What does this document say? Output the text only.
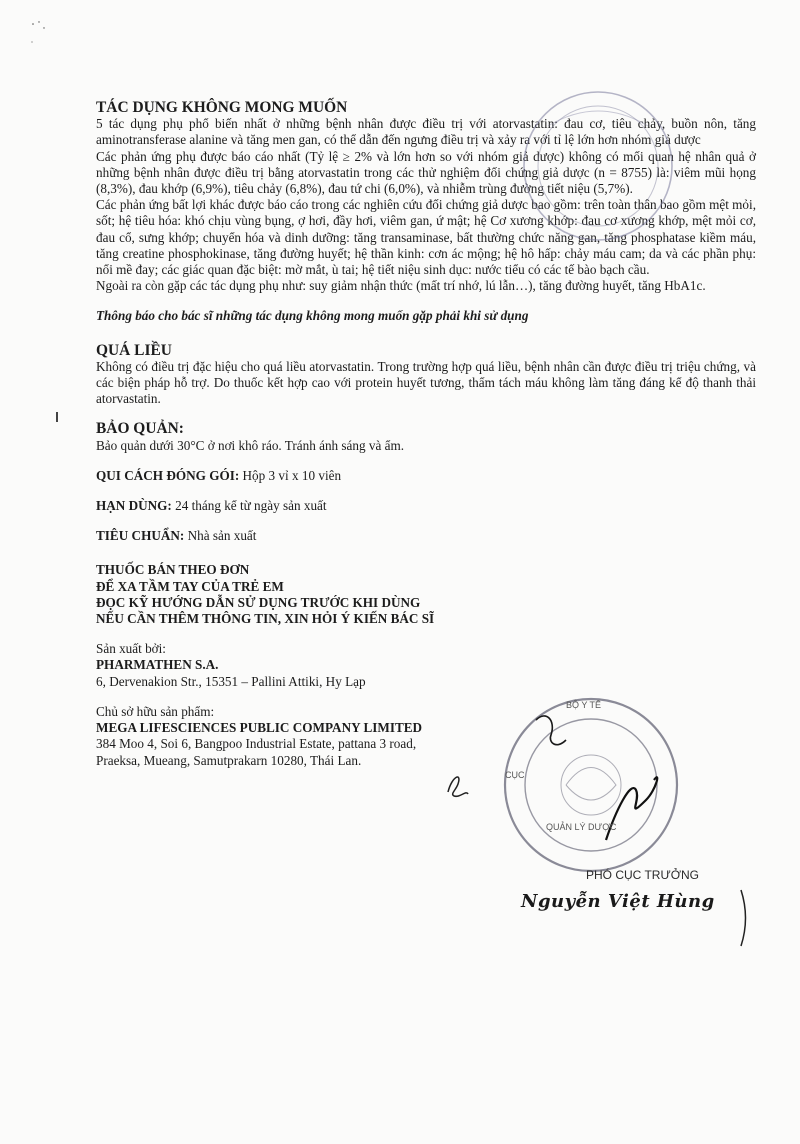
TÁC DỤNG KHÔNG MONG MUỐN

5 tác dụng phụ phổ biến nhất ở những bệnh nhân được điều trị với atorvastatin: đau cơ, tiêu chảy, buồn nôn, tăng aminotransferase alanine và tăng men gan, có thể dẫn đến ngưng điều trị và xảy ra với tỉ lệ lớn hơn nhóm giả dược

Các phản ứng phụ được báo cáo nhất (Tỷ lệ ≥ 2% và lớn hơn so với nhóm giả dược) không có mối quan hệ nhân quả ở những bệnh nhân được điều trị bằng atorvastatin trong các thử nghiệm đối chứng giả dược (n = 8755) là: viêm mũi họng (8,3%), đau khớp (6,9%), tiêu chảy (6,8%), đau tứ chi (6,0%), và nhiễm trùng đường tiết niệu (5,7%).

Các phản ứng bất lợi khác được báo cáo trong các nghiên cứu đối chứng giả dược bao gồm: trên toàn thân bao gồm mệt mỏi, sốt; hệ tiêu hóa: khó chịu vùng bụng, ợ hơi, đầy hơi, viêm gan, ứ mật; hệ Cơ xương khớp: đau cơ xương khớp, mệt mỏi cơ, đau cổ, sưng khớp; chuyển hóa và dinh dưỡng: tăng transaminase, bất thường chức năng gan, tăng phosphatase kiềm máu, tăng creatine phosphokinase, tăng đường huyết; hệ thần kinh: cơn ác mộng; hệ hô hấp: chảy máu cam; da và các phần phụ: nổi mề đay; các giác quan đặc biệt: mờ mắt, ù tai; hệ tiết niệu sinh dục: nước tiểu có các tế bào bạch cầu.

Ngoài ra còn gặp các tác dụng phụ như: suy giảm nhận thức (mất trí nhớ, lú lẫn…), tăng đường huyết, tăng HbA1c.

Thông báo cho bác sĩ những tác dụng không mong muốn gặp phải khi sử dụng

QUÁ LIỀU

Không có điều trị đặc hiệu cho quá liều atorvastatin. Trong trường hợp quá liều, bệnh nhân cần được điều trị triệu chứng, và các biện pháp hỗ trợ. Do thuốc kết hợp cao với protein huyết tương, thẩm tách máu không làm tăng đáng kể độ thanh thải atorvastatin.

BẢO QUẢN:

Bảo quản dưới 30°C ở nơi khô ráo. Tránh ánh sáng và ẩm.

QUI CÁCH ĐÓNG GÓI: Hộp 3 vỉ x 10 viên

HẠN DÙNG: 24 tháng kể từ ngày sản xuất

TIÊU CHUẨN: Nhà sản xuất

THUỐC BÁN THEO ĐƠN

ĐỂ XA TẦM TAY CỦA TRẺ EM

ĐỌC KỸ HƯỚNG DẪN SỬ DỤNG TRƯỚC KHI DÙNG

NẾU CẦN THÊM THÔNG TIN, XIN HỎI Ý KIẾN BÁC SĨ

Sản xuất bởi:

PHARMATHEN S.A.

6, Dervenakion Str., 15351 – Pallini Attiki, Hy Lạp

Chủ sở hữu sản phẩm:

MEGA LIFESCIENCES PUBLIC COMPANY LIMITED

384 Moo 4, Soi 6, Bangpoo Industrial Estate, pattana 3 road,

Praeksa, Mueang, Samutprakarn 10280, Thái Lan.

BỘ Y TẾ
CỤC
QUẢN LÝ DƯỢC
PHÓ CỤC TRƯỞNG
Nguyễn Việt Hùng
